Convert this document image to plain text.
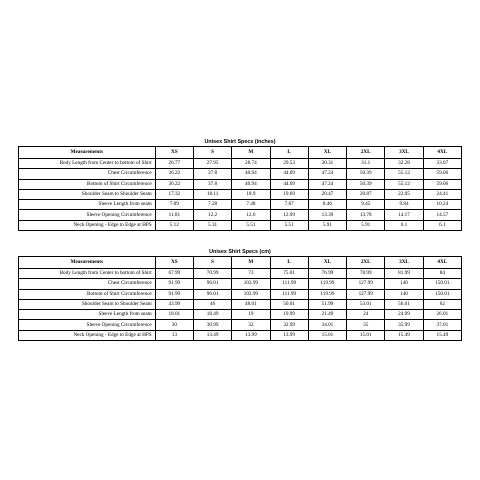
Unisex Shirt Specs (inches)
Measurements	XS	S	M	L	XL	2XL	3XL	4XL
Body Length from Center to bottom of Shirt	26.77	27.95	28.74	29.53	30.31	31.1	32.28	33.07
Chest Circumference	36.22	37.8	40.94	44.09	47.24	50.39	55.12	59.06
Bottom of Shirt Circumference	36.22	37.8	40.94	44.09	47.24	50.39	55.12	59.06
Shoulder Seam to Shoulder Seam	17.32	18.11	18.9	19.69	20.47	20.87	22.05	24.41
Sleeve Length from seam	7.09	7.28	7.48	7.87	8.46	9.45	9.84	10.24
Sleeve Opening Circumference	11.81	12.2	12.6	12.99	13.39	13.78	14.17	14.57
Neck Opening - Edge to Edge at HPS	5.12	5.31	5.51	5.51	5.91	5.91	6.1	6.1
Unisex Shirt Specs (cm)
Measurements	XS	S	M	L	XL	2XL	3XL	4XL
Body Length from Center to bottom of Shirt	67.99	70.99	73	75.01	76.99	78.99	81.99	84
Chest Circumference	91.99	96.01	103.99	111.99	119.99	127.99	140	150.01
Bottom of Shirt Circumference	91.99	96.01	103.99	111.99	119.99	127.99	140	150.01
Shoulder Seam to Shoulder Seam	43.99	46	48.01	50.01	51.99	53.01	56.01	62
Sleeve Length from seam	18.01	18.49	19	19.99	21.49	24	24.99	26.01
Sleeve Opening Circumference	30	30.99	32	32.99	34.01	35	35.99	37.01
Neck Opening - Edge to Edge at HPS	13	13.49	13.99	13.99	15.01	15.01	15.49	15.49
